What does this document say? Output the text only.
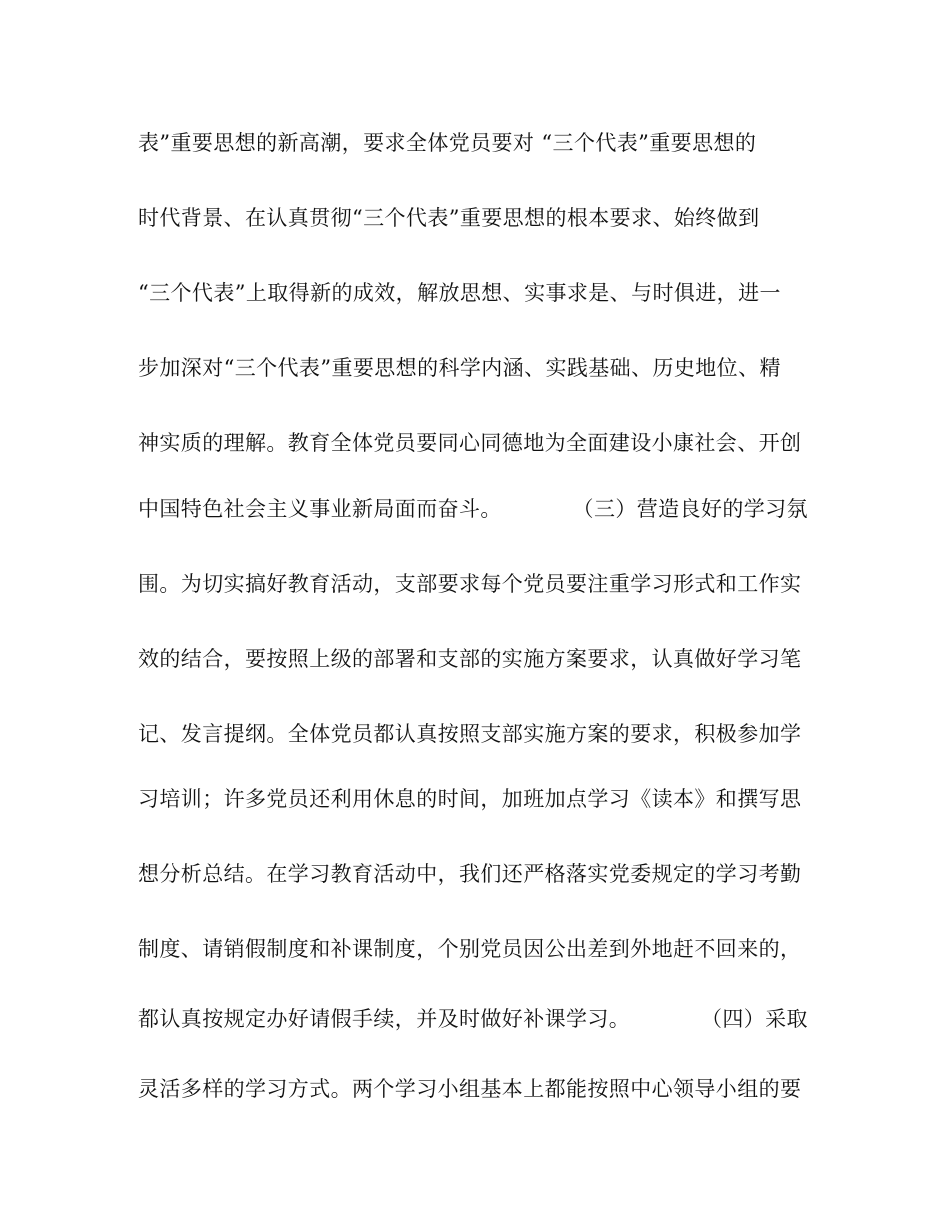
表”重要思想的新高潮，要求全体党员要对 “三个代表”重要思想的
时代背景、在认真贯彻“三个代表”重要思想的根本要求、始终做到
“三个代表”上取得新的成效，解放思想、实事求是、与时俱进，进一
步加深对“三个代表”重要思想的科学内涵、实践基础、历史地位、精
神实质的理解。教育全体党员要同心同德地为全面建设小康社会、开创
中国特色社会主义事业新局面而奋斗。          （三）营造良好的学习氛
围。为切实搞好教育活动，支部要求每个党员要注重学习形式和工作实
效的结合，要按照上级的部署和支部的实施方案要求，认真做好学习笔
记、发言提纲。全体党员都认真按照支部实施方案的要求，积极参加学
习培训；许多党员还利用休息的时间，加班加点学习《读本》和撰写思
想分析总结。在学习教育活动中，我们还严格落实党委规定的学习考勤
制度、请销假制度和补课制度，个别党员因公出差到外地赶不回来的，
都认真按规定办好请假手续，并及时做好补课学习。          （四）采取
灵活多样的学习方式。两个学习小组基本上都能按照中心领导小组的要
